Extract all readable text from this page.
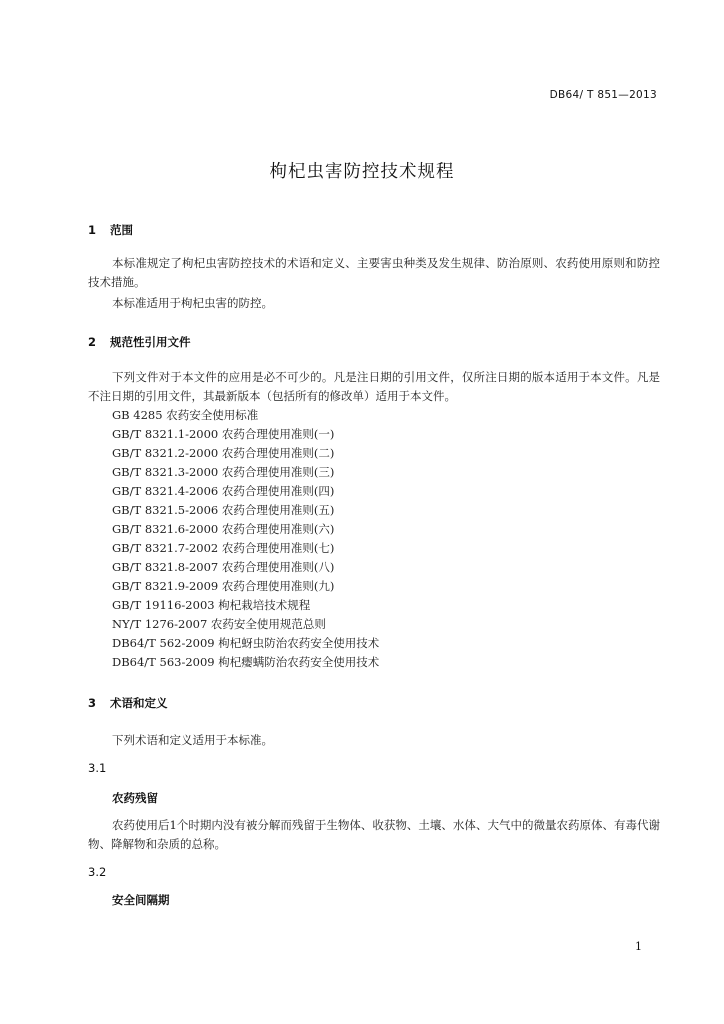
DB64/ T 851—2013
枸杞虫害防控技术规程
1 范围
本标准规定了枸杞虫害防控技术的术语和定义、主要害虫种类及发生规律、防治原则、农药使用原则和防控技术措施。
本标准适用于枸杞虫害的防控。
2 规范性引用文件
下列文件对于本文件的应用是必不可少的。凡是注日期的引用文件，仅所注日期的版本适用于本文件。凡是不注日期的引用文件，其最新版本（包括所有的修改单）适用于本文件。
GB 4285 农药安全使用标准
GB/T 8321.1-2000 农药合理使用准则(一)
GB/T 8321.2-2000 农药合理使用准则(二)
GB/T 8321.3-2000 农药合理使用准则(三)
GB/T 8321.4-2006 农药合理使用准则(四)
GB/T 8321.5-2006 农药合理使用准则(五)
GB/T 8321.6-2000 农药合理使用准则(六)
GB/T 8321.7-2002 农药合理使用准则(七)
GB/T 8321.8-2007 农药合理使用准则(八)
GB/T 8321.9-2009 农药合理使用准则(九)
GB/T 19116-2003 枸杞栽培技术规程
NY/T 1276-2007 农药安全使用规范总则
DB64/T 562-2009 枸杞蚜虫防治农药安全使用技术
DB64/T 563-2009 枸杞瘿螨防治农药安全使用技术
3 术语和定义
下列术语和定义适用于本标准。
3.1
农药残留
农药使用后1个时期内没有被分解而残留于生物体、收获物、土壤、水体、大气中的微量农药原体、有毒代谢物、降解物和杂质的总称。
3.2
安全间隔期
1
